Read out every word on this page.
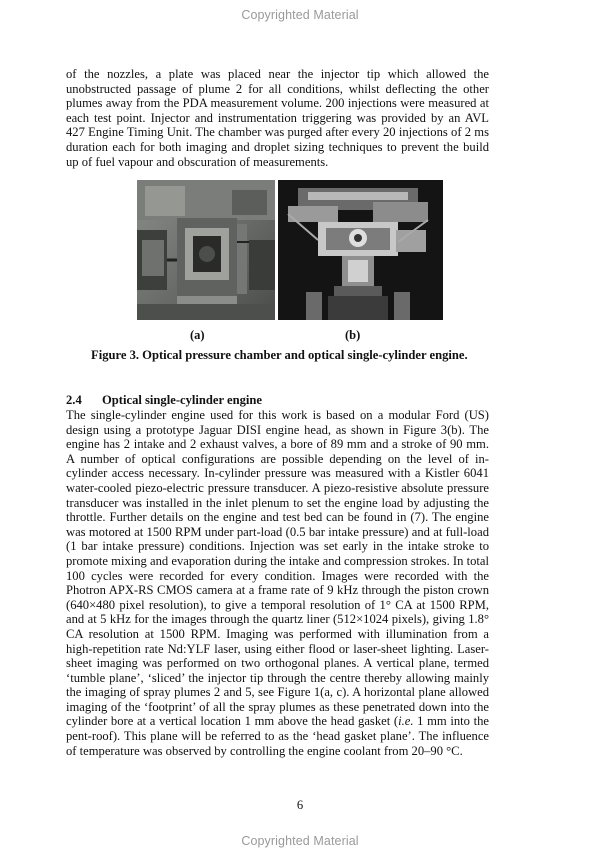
Copyrighted Material

of the nozzles, a plate was placed near the injector tip which allowed the unobstructed passage of plume 2 for all conditions, whilst deflecting the other plumes away from the PDA measurement volume. 200 injections were measured at each test point. Injector and instrumentation triggering was provided by an AVL 427 Engine Timing Unit. The chamber was purged after every 20 injections of 2 ms duration each for both imaging and droplet sizing techniques to prevent the build up of fuel vapour and obscuration of measurements.

(a)	(b)
Figure 3. Optical pressure chamber and optical single-cylinder engine.
2.4 Optical single-cylinder engine

The single-cylinder engine used for this work is based on a modular Ford (US) design using a prototype Jaguar DISI engine head, as shown in Figure 3(b). The engine has 2 intake and 2 exhaust valves, a bore of 89 mm and a stroke of 90 mm. A number of optical configurations are possible depending on the level of in-cylinder access necessary. In-cylinder pressure was measured with a Kistler 6041 water-cooled piezo-electric pressure transducer. A piezo-resistive absolute pressure transducer was installed in the inlet plenum to set the engine load by adjusting the throttle. Further details on the engine and test bed can be found in (7). The engine was motored at 1500 RPM under part-load (0.5 bar intake pressure) and at full-load (1 bar intake pressure) conditions. Injection was set early in the intake stroke to promote mixing and evaporation during the intake and compression strokes. In total 100 cycles were recorded for every condition. Images were recorded with the Photron APX-RS CMOS camera at a frame rate of 9 kHz through the piston crown (640×480 pixel resolution), to give a temporal resolution of 1° CA at 1500 RPM, and at 5 kHz for the images through the quartz liner (512×1024 pixels), giving 1.8° CA resolution at 1500 RPM. Imaging was performed with illumination from a high-repetition rate Nd:YLF laser, using either flood or laser-sheet lighting. Laser-sheet imaging was performed on two orthogonal planes. A vertical plane, termed ‘tumble plane’, ‘sliced’ the injector tip through the centre thereby allowing mainly the imaging of spray plumes 2 and 5, see Figure 1(a, c). A horizontal plane allowed imaging of the ‘footprint’ of all the spray plumes as these penetrated down into the cylinder bore at a vertical location 1 mm above the head gasket (i.e. 1 mm into the pent-roof). This plane will be referred to as the ‘head gasket plane’. The influence of temperature was observed by controlling the engine coolant from 20–90 °C.

6
Copyrighted Material
